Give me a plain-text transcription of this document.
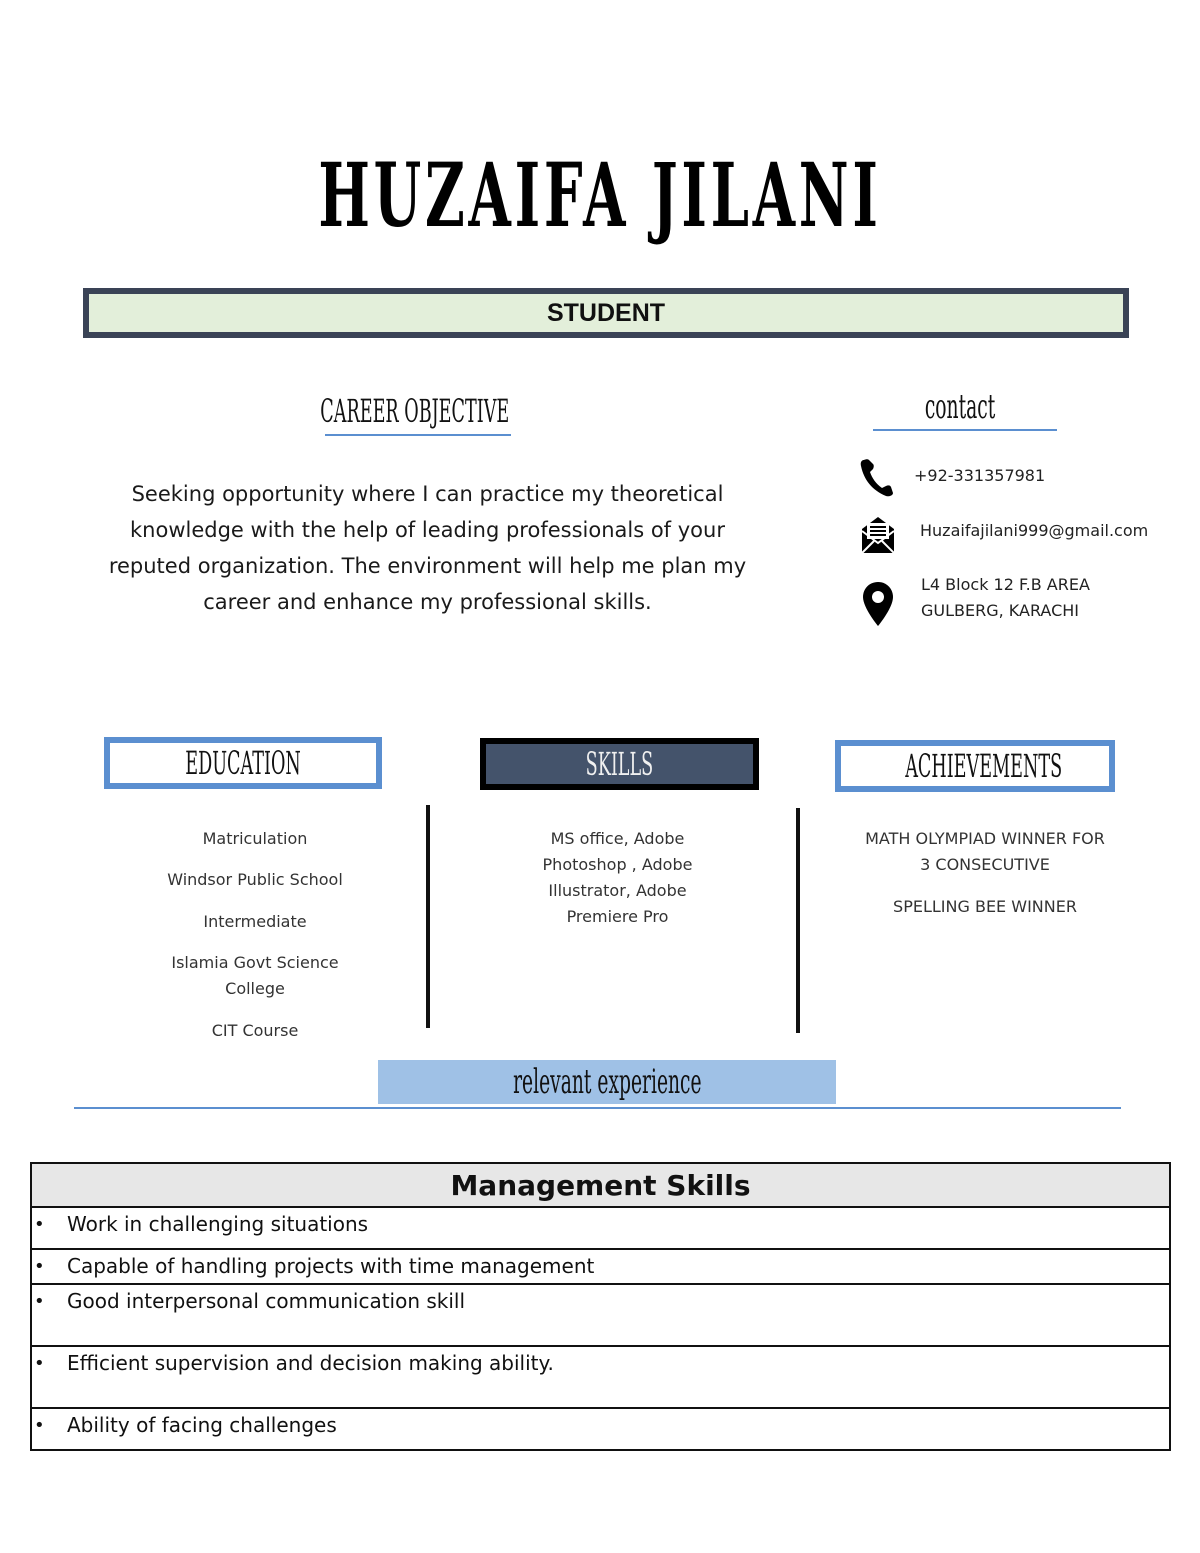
HUZAIFA JILANI
STUDENT
CAREER OBJECTIVE
Seeking opportunity where I can practice my theoretical knowledge with the help of leading professionals of your reputed organization. The environment will help me plan my career and enhance my professional skills.
contact
+92-331357981
Huzaifajilani999@gmail.com
L4 Block 12 F.B AREA
GULBERG, KARACHI
EDUCATION
Matriculation
Windsor Public School
Intermediate
Islamia Govt Science College
CIT Course
SKILLS
MS office, Adobe Photoshop , Adobe Illustrator, Adobe Premiere Pro
ACHIEVEMENTS
MATH OLYMPIAD WINNER FOR 3 CONSECUTIVE
SPELLING BEE WINNER
relevant experience
Management Skills
• Work in challenging situations
• Capable of handling projects with time management
• Good interpersonal communication skill
• Efficient supervision and decision making ability.
• Ability of facing challenges
